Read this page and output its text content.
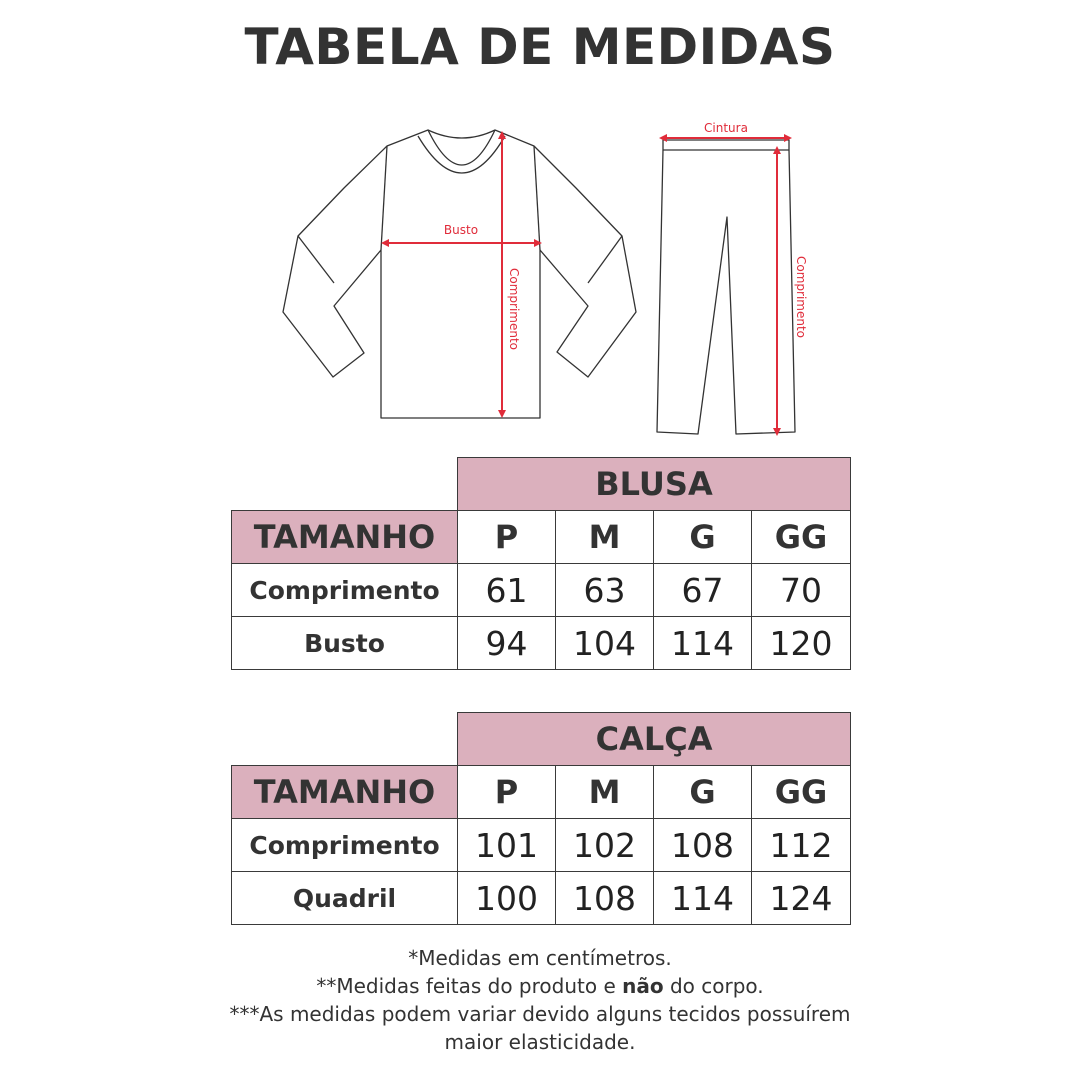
TABELA DE MEDIDAS
Busto
Comprimento
Cintura
Comprimento
	BLUSA			
TAMANHO	P	M	G	GG
Comprimento	61	63	67	70
Busto	94	104	114	120
	CALÇA			
TAMANHO	P	M	G	GG
Comprimento	101	102	108	112
Quadril	100	108	114	124
*Medidas em centímetros.
**Medidas feitas do produto e não do corpo.
***As medidas podem variar devido alguns tecidos possuírem
maior elasticidade.
